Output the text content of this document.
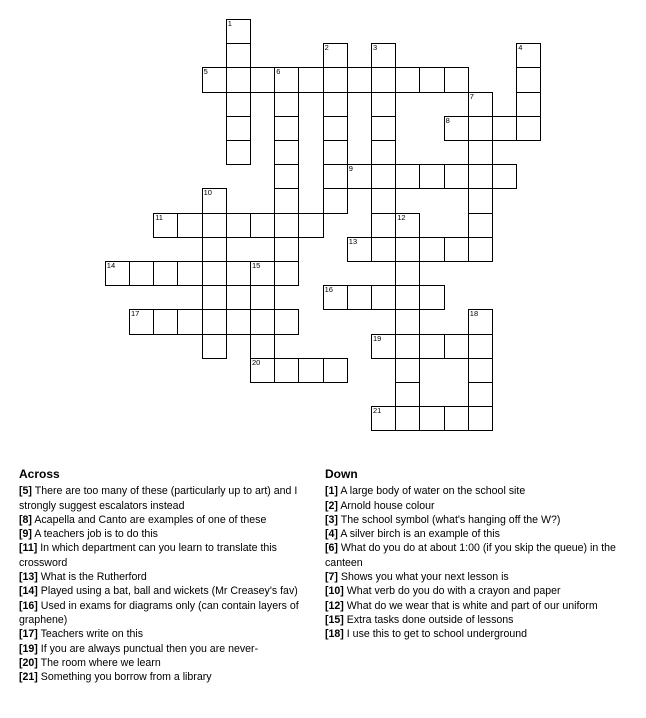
1
2	3	4
5	6
7
8
9
10
11	12
13
14	15
20
16
17	18
19
21
Across
[5] There are too many of these (particularly up to art) and I strongly suggest escalators instead
[8] Acapella and Canto are examples of one of these
[9] A teachers job is to do this
[11] In which department can you learn to translate this crossword
[13] What is the Rutherford
[14] Played using a bat, ball and wickets (Mr Creasey's fav)
[16] Used in exams for diagrams only (can contain layers of graphene)
[17] Teachers write on this
[19] If you are always punctual then you are never-
[20] The room where we learn
[21] Something you borrow from a library
Down
[1] A large body of water on the school site
[2] Arnold house colour
[3] The school symbol (what's hanging off the W?)
[4] A silver birch is an example of this
[6] What do you do at about 1:00 (if you skip the queue) in the canteen
[7] Shows you what your next lesson is
[10] What verb do you do with a crayon and paper
[12] What do we wear that is white and part of our uniform
[15] Extra tasks done outside of lessons
[18] I use this to get to school underground
